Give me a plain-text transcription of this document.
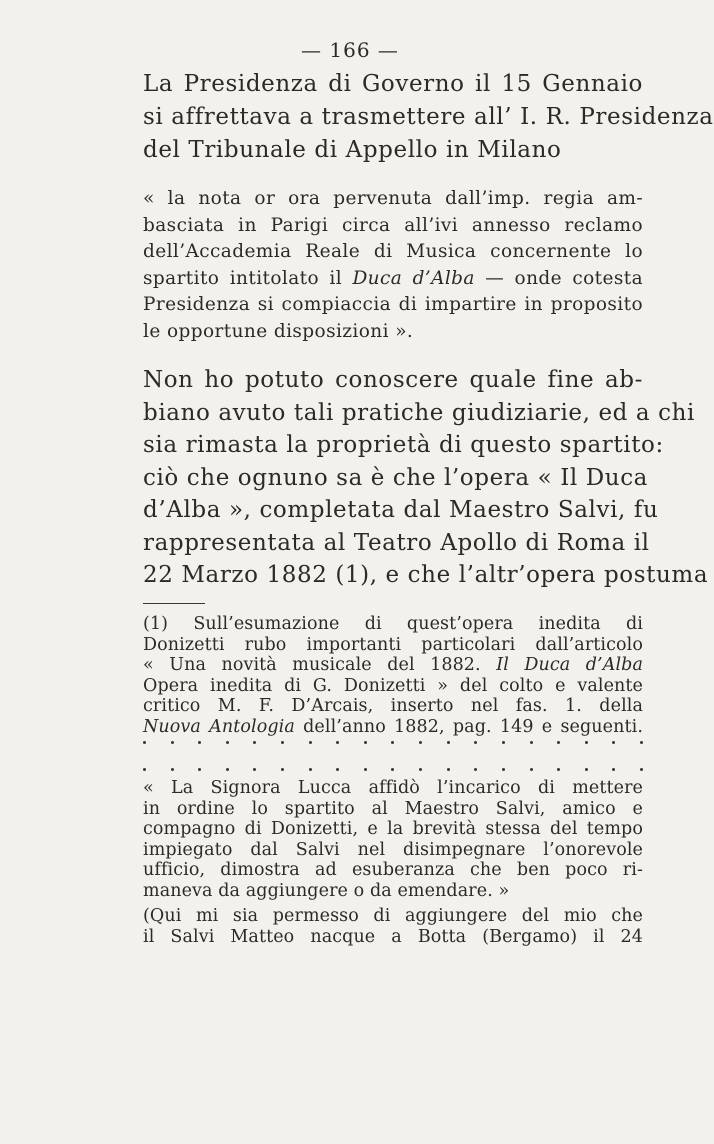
— 166 —
La Presidenza di Governo il 15 Gennaio
si affrettava a trasmettere all’ I. R. Presidenza
del Tribunale di Appello in Milano
« la nota or ora pervenuta dall’imp. regia am-
basciata in Parigi circa all’ivi annesso reclamo
dell’Accademia Reale di Musica concernente lo
spartito intitolato il Duca d’Alba — onde cotesta
Presidenza si compiaccia di impartire in proposito
le opportune disposizioni ».
Non ho potuto conoscere quale fine ab-
biano avuto tali pratiche giudiziarie, ed a chi
sia rimasta la proprietà di questo spartito:
ciò che ognuno sa è che l’opera « Il Duca
d’Alba », completata dal Maestro Salvi, fu
rappresentata al Teatro Apollo di Roma il
22 Marzo 1882 (1), e che l’altr’opera postuma
(1) Sull’esumazione di quest’opera inedita di
Donizetti rubo importanti particolari dall’articolo
« Una novità musicale del 1882. Il Duca d’Alba
Opera inedita di G. Donizetti » del colto e valente
critico M. F. D’Arcais, inserto nel fas. 1. della
Nuova Antologia dell’anno 1882, pag. 149 e seguenti.
« La Signora Lucca affidò l’incarico di mettere
in ordine lo spartito al Maestro Salvi, amico e
compagno di Donizetti, e la brevità stessa del tempo
impiegato dal Salvi nel disimpegnare l’onorevole
ufficio, dimostra ad esuberanza che ben poco ri-
maneva da aggiungere o da emendare. »
(Qui mi sia permesso di aggiungere del mio che
il Salvi Matteo nacque a Botta (Bergamo) il 24
